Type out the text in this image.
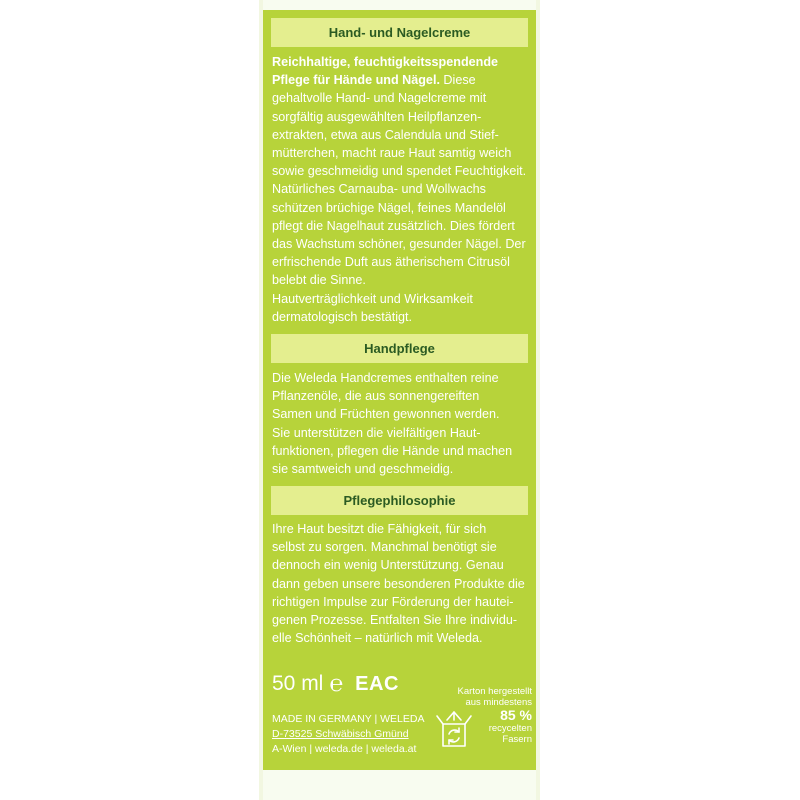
Hand- und Nagelcreme

Reichhaltige, feuchtigkeitsspendende
Pflege für Hände und Nägel. Diese
gehaltvolle Hand- und Nagelcreme mit
sorgfältig ausgewählten Heilpflanzen-
extrakten, etwa aus Calendula und Stief-
mütterchen, macht raue Haut samtig weich
sowie geschmeidig und spendet Feuchtigkeit.
Natürliches Carnauba- und Wollwachs
schützen brüchige Nägel, feines Mandelöl
pflegt die Nagelhaut zusätzlich. Dies fördert
das Wachstum schöner, gesunder Nägel. Der
erfrischende Duft aus ätherischem Citrusöl
belebt die Sinne.
Hautverträglichkeit und Wirksamkeit
dermatologisch bestätigt.

Handpflege

Die Weleda Handcremes enthalten reine
Pflanzenöle, die aus sonnengereiften
Samen und Früchten gewonnen werden.
Sie unterstützen die vielfältigen Haut-
funktionen, pflegen die Hände und machen
sie samtweich und geschmeidig.

Pflegephilosophie

Ihre Haut besitzt die Fähigkeit, für sich
selbst zu sorgen. Manchmal benötigt sie
dennoch ein wenig Unterstützung. Genau
dann geben unsere besonderen Produkte die
richtigen Impulse zur Förderung der hautei-
genen Prozesse. Entfalten Sie Ihre individu-
elle Schönheit – natürlich mit Weleda.

50 ml ℮ EAC
MADE IN GERMANY | WELEDA
D-73525 Schwäbisch Gmünd
A-Wien | weleda.de | weleda.at
Karton hergestellt
aus mindestens
85 %
recycelten
Fasern
